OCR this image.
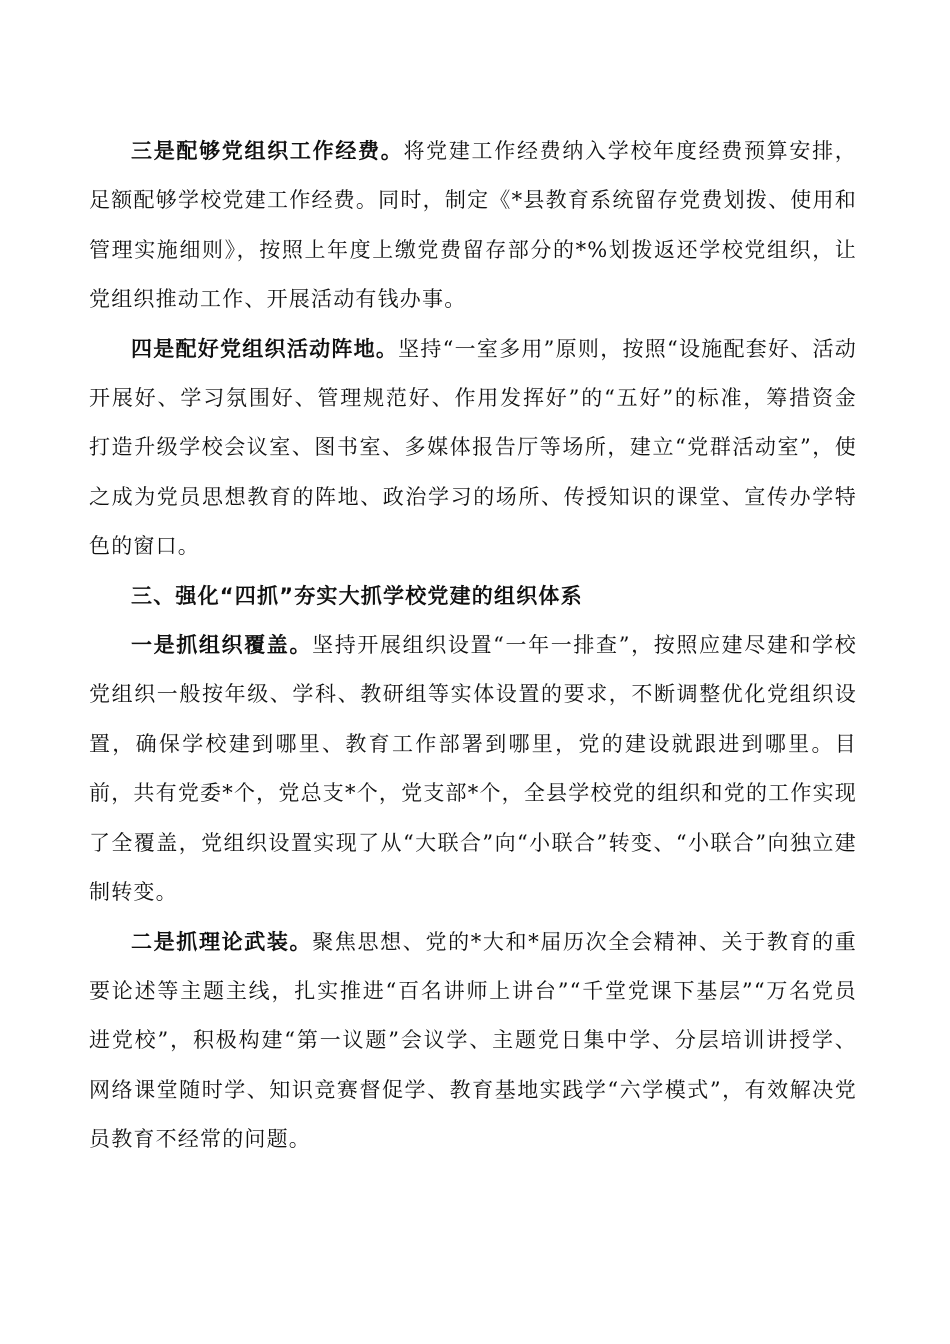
三是配够党组织工作经费。将党建工作经费纳入学校年度经费预算安排，足额配够学校党建工作经费。同时，制定《*县教育系统留存党费划拨、使用和管理实施细则》，按照上年度上缴党费留存部分的*%划拨返还学校党组织，让党组织推动工作、开展活动有钱办事。

四是配好党组织活动阵地。坚持“一室多用”原则，按照“设施配套好、活动开展好、学习氛围好、管理规范好、作用发挥好”的“五好”的标准，筹措资金打造升级学校会议室、图书室、多媒体报告厅等场所，建立“党群活动室”，使之成为党员思想教育的阵地、政治学习的场所、传授知识的课堂、宣传办学特色的窗口。

三、强化“四抓”夯实大抓学校党建的组织体系

一是抓组织覆盖。坚持开展组织设置“一年一排查”，按照应建尽建和学校党组织一般按年级、学科、教研组等实体设置的要求，不断调整优化党组织设置，确保学校建到哪里、教育工作部署到哪里，党的建设就跟进到哪里。目前，共有党委*个，党总支*个，党支部*个，全县学校党的组织和党的工作实现了全覆盖，党组织设置实现了从“大联合”向“小联合”转变、“小联合”向独立建制转变。

二是抓理论武装。聚焦思想、党的*大和*届历次全会精神、关于教育的重要论述等主题主线，扎实推进“百名讲师上讲台”“千堂党课下基层”“万名党员进党校”，积极构建“第一议题”会议学、主题党日集中学、分层培训讲授学、网络课堂随时学、知识竞赛督促学、教育基地实践学“六学模式”，有效解决党员教育不经常的问题。
